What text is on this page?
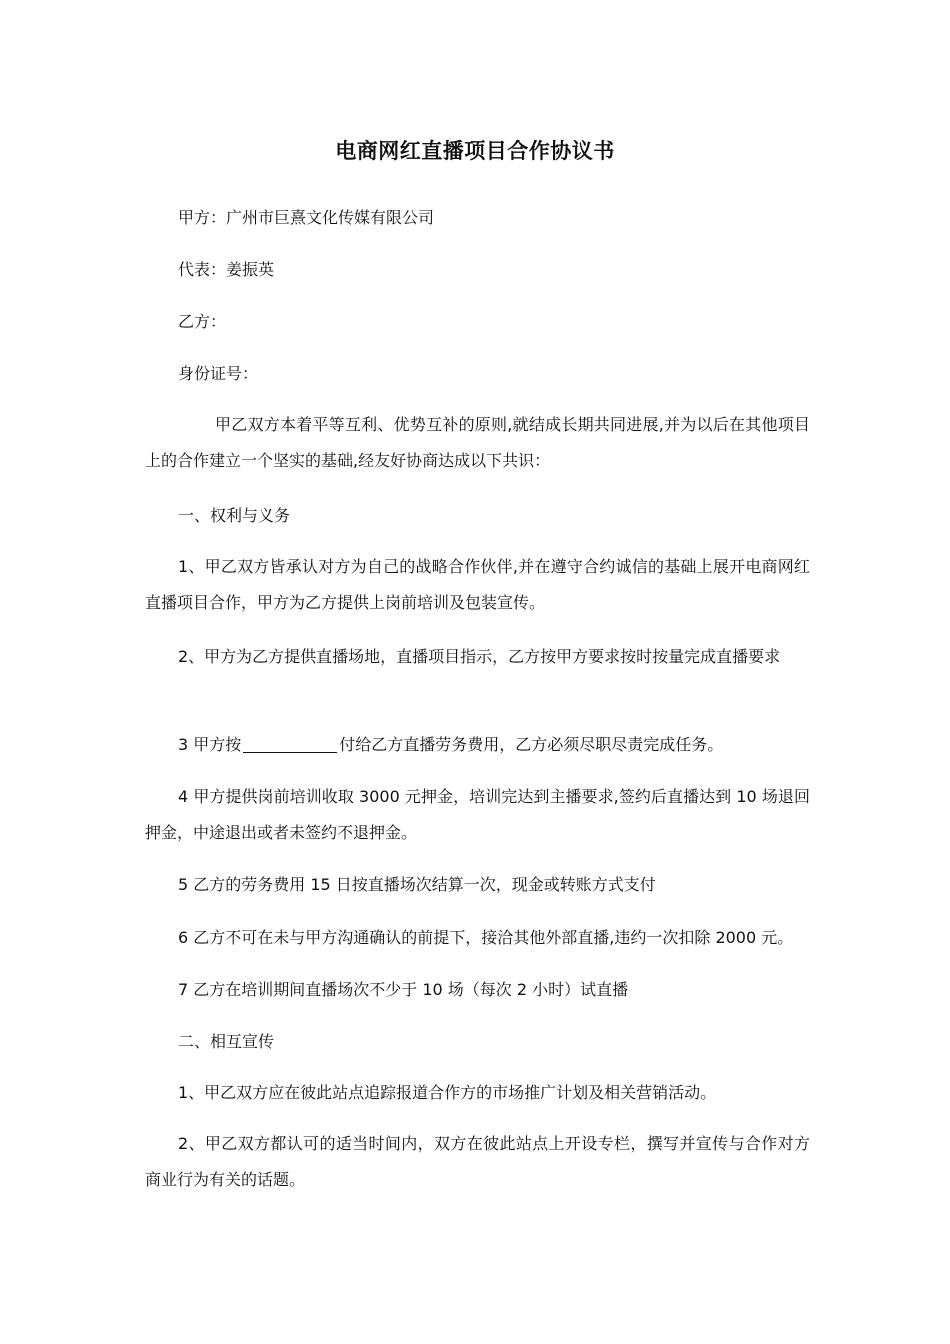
电商网红直播项目合作协议书
甲方：广州市巨熹文化传媒有限公司
代表：姜振英
乙方：
身份证号：
甲乙双方本着平等互利、优势互补的原则,就结成长期共同进展,并为以后在其他项目上的合作建立一个坚实的基础,经友好协商达成以下共识：
一、权利与义务
1、甲乙双方皆承认对方为自己的战略合作伙伴,并在遵守合约诚信的基础上展开电商网红直播项目合作，甲方为乙方提供上岗前培训及包装宣传。
2、甲方为乙方提供直播场地，直播项目指示，乙方按甲方要求按时按量完成直播要求
3 甲方按	付给乙方直播劳务费用，乙方必须尽职尽责完成任务。
4 甲方提供岗前培训收取 3000 元押金，培训完达到主播要求,签约后直播达到 10 场退回押金，中途退出或者未签约不退押金。
5 乙方的劳务费用 15 日按直播场次结算一次，现金或转账方式支付
6 乙方不可在未与甲方沟通确认的前提下，接洽其他外部直播,违约一次扣除 2000 元。
7 乙方在培训期间直播场次不少于 10 场（每次 2 小时）试直播
二、相互宣传
1、甲乙双方应在彼此站点追踪报道合作方的市场推广计划及相关营销活动。
2、甲乙双方都认可的适当时间内，双方在彼此站点上开设专栏，撰写并宣传与合作对方商业行为有关的话题。
